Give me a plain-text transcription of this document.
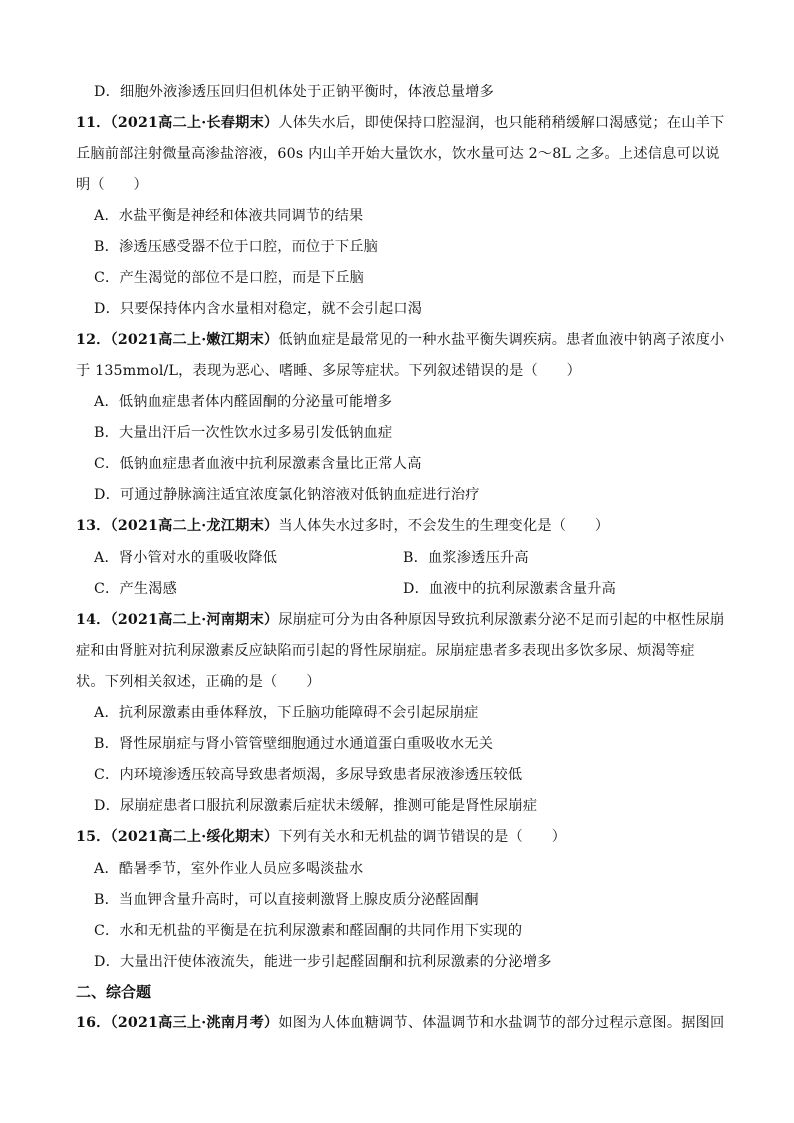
D．细胞外液渗透压回归但机体处于正钠平衡时，体液总量增多
11．（2021高二上·长春期末）人体失水后，即使保持口腔湿润，也只能稍稍缓解口渴感觉；在山羊下
丘脑前部注射微量高渗盐溶液，60s 内山羊开始大量饮水，饮水量可达 2～8L 之多。上述信息可以说
明（　　）
A．水盐平衡是神经和体液共同调节的结果
B．渗透压感受器不位于口腔，而位于下丘脑
C．产生渴觉的部位不是口腔，而是下丘脑
D．只要保持体内含水量相对稳定，就不会引起口渴
12．（2021高二上·嫩江期末）低钠血症是最常见的一种水盐平衡失调疾病。患者血液中钠离子浓度小
于 135mmol/L，表现为恶心、嗜睡、多尿等症状。下列叙述错误的是（　　）
A．低钠血症患者体内醛固酮的分泌量可能增多
B．大量出汗后一次性饮水过多易引发低钠血症
C．低钠血症患者血液中抗利尿激素含量比正常人高
D．可通过静脉滴注适宜浓度氯化钠溶液对低钠血症进行治疗
13．（2021高二上·龙江期末）当人体失水过多时，不会发生的生理变化是（　　）
A．肾小管对水的重吸收降低	B．血浆渗透压升高
C．产生渴感	D．血液中的抗利尿激素含量升高
14．（2021高二上·河南期末）尿崩症可分为由各种原因导致抗利尿激素分泌不足而引起的中枢性尿崩
症和由肾脏对抗利尿激素反应缺陷而引起的肾性尿崩症。尿崩症患者多表现出多饮多尿、烦渴等症
状。下列相关叙述，正确的是（　　）
A．抗利尿激素由垂体释放，下丘脑功能障碍不会引起尿崩症
B．肾性尿崩症与肾小管管壁细胞通过水通道蛋白重吸收水无关
C．内环境渗透压较高导致患者烦渴，多尿导致患者尿液渗透压较低
D．尿崩症患者口服抗利尿激素后症状未缓解，推测可能是肾性尿崩症
15．（2021高二上·绥化期末）下列有关水和无机盐的调节错误的是（　　）
A．酷暑季节，室外作业人员应多喝淡盐水
B．当血钾含量升高时，可以直接刺激肾上腺皮质分泌醛固酮
C．水和无机盐的平衡是在抗利尿激素和醛固酮的共同作用下实现的
D．大量出汗使体液流失，能进一步引起醛固酮和抗利尿激素的分泌增多
二、综合题
16．（2021高三上·洮南月考）如图为人体血糖调节、体温调节和水盐调节的部分过程示意图。据图回
